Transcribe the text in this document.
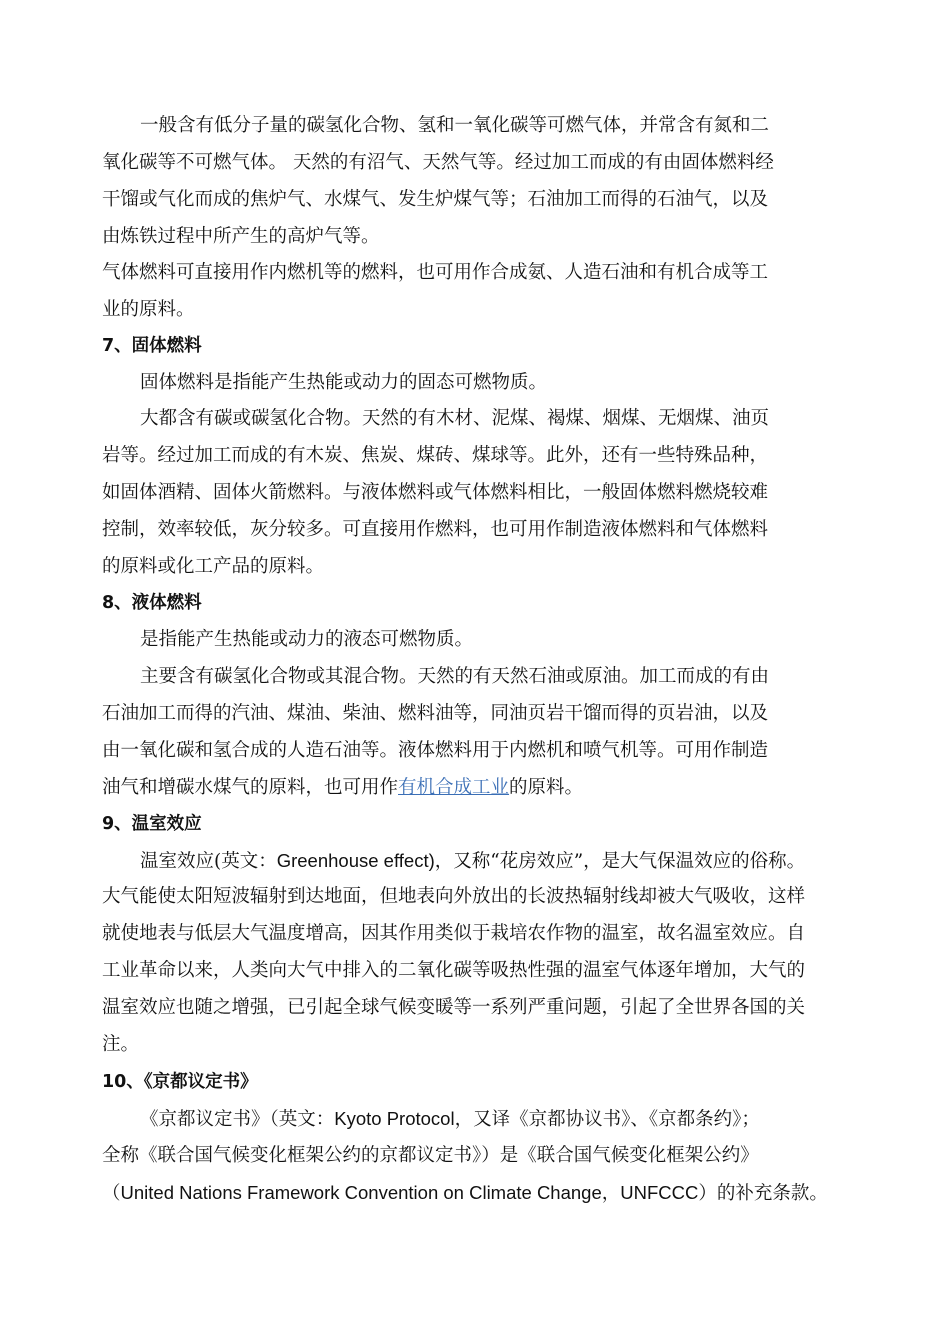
一般含有低分子量的碳氢化合物、氢和一氧化碳等可燃气体，并常含有氮和二
氧化碳等不可燃气体。 天然的有沼气、天然气等。经过加工而成的有由固体燃料经
干馏或气化而成的焦炉气、水煤气、发生炉煤气等；石油加工而得的石油气，以及
由炼铁过程中所产生的高炉气等。
气体燃料可直接用作内燃机等的燃料，也可用作合成氨、人造石油和有机合成等工
业的原料。
7、固体燃料
固体燃料是指能产生热能或动力的固态可燃物质。
大都含有碳或碳氢化合物。天然的有木材、泥煤、褐煤、烟煤、无烟煤、油页
岩等。经过加工而成的有木炭、焦炭、煤砖、煤球等。此外，还有一些特殊品种，
如固体酒精、固体火箭燃料。与液体燃料或气体燃料相比，一般固体燃料燃烧较难
控制，效率较低，灰分较多。可直接用作燃料，也可用作制造液体燃料和气体燃料
的原料或化工产品的原料。
8、液体燃料
是指能产生热能或动力的液态可燃物质。
主要含有碳氢化合物或其混合物。天然的有天然石油或原油。加工而成的有由
石油加工而得的汽油、煤油、柴油、燃料油等，同油页岩干馏而得的页岩油，以及
由一氧化碳和氢合成的人造石油等。液体燃料用于内燃机和喷气机等。可用作制造
油气和增碳水煤气的原料，也可用作有机合成工业的原料。
9、温室效应
温室效应(英文：Greenhouse effect)，又称“花房效应”，是大气保温效应的俗称。
大气能使太阳短波辐射到达地面，但地表向外放出的长波热辐射线却被大气吸收，这样
就使地表与低层大气温度增高，因其作用类似于栽培农作物的温室，故名温室效应。自
工业革命以来，人类向大气中排入的二氧化碳等吸热性强的温室气体逐年增加，大气的
温室效应也随之增强，已引起全球气候变暖等一系列严重问题，引起了全世界各国的关
注。
10、《京都议定书》
《京都议定书》（英文：Kyoto Protocol，又译《京都协议书》、《京都条约》；
全称《联合国气候变化框架公约的京都议定书》）是《联合国气候变化框架公约》
（United Nations Framework Convention on Climate Change，UNFCCC）的补充条款。
